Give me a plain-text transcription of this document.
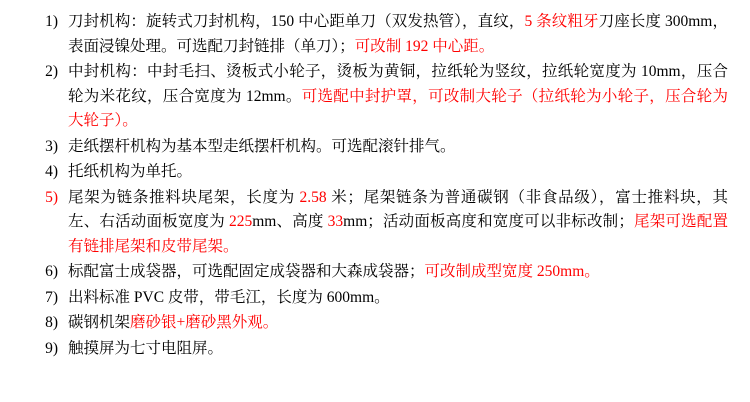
1) 刀封机构：旋转式刀封机构，150 中心距单刀（双发热管），直纹，5 条纹粗牙刀座长度 300mm，表面浸镍处理。可选配刀封链排（单刀）；可改制 192 中心距。
2) 中封机构：中封毛扫、烫板式小轮子，烫板为黄铜，拉纸轮为竖纹，拉纸轮宽度为 10mm，压合轮为米花纹，压合宽度为 12mm。可选配中封护罩，可改制大轮子（拉纸轮为小轮子，压合轮为大轮子）。
3) 走纸摆杆机构为基本型走纸摆杆机构。可选配滚针排气。
4) 托纸机构为单托。
5) 尾架为链条推料块尾架，长度为 2.58 米；尾架链条为普通碳钢（非食品级），富士推料块，其左、右活动面板宽度为 225mm、高度 33mm；活动面板高度和宽度可以非标改制；尾架可选配置有链排尾架和皮带尾架。
6) 标配富士成袋器，可选配固定成袋器和大森成袋器；可改制成型宽度 250mm。
7) 出料标准 PVC 皮带，带毛江，长度为 600mm。
8) 碳钢机架磨砂银+磨砂黑外观。
9) 触摸屏为七寸电阻屏。
